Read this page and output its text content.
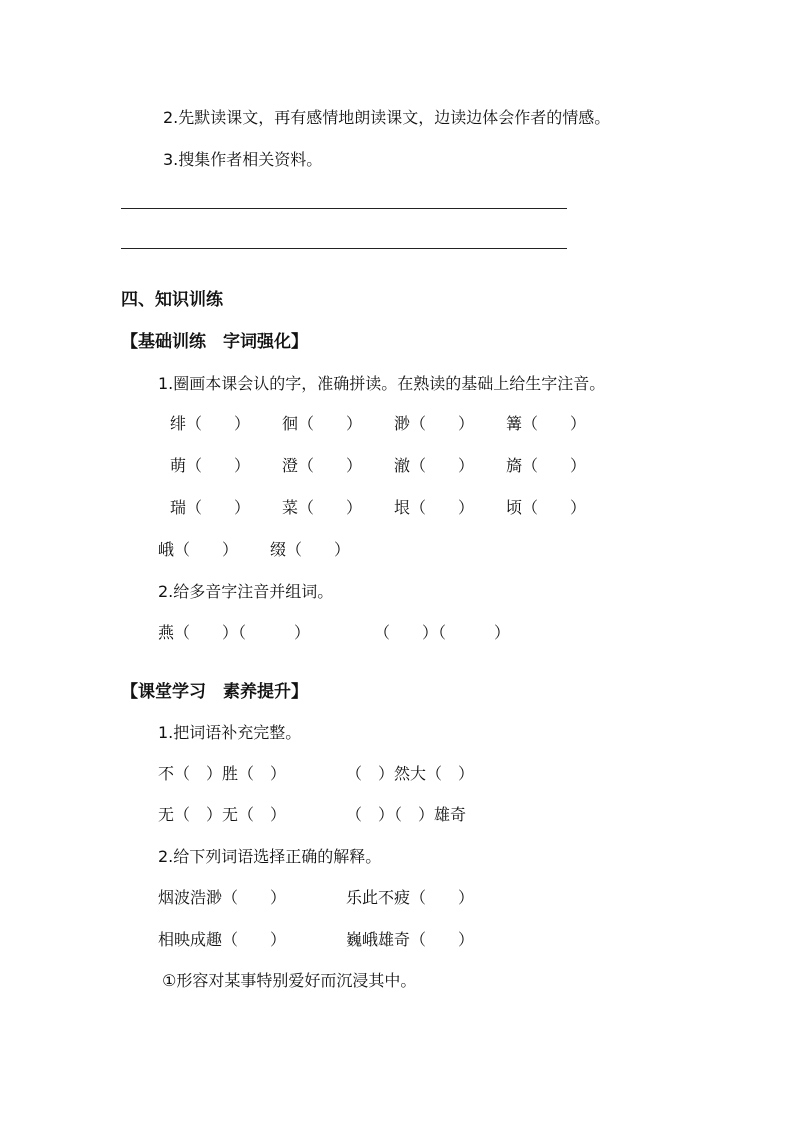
2.先默读课文，再有感情地朗读课文，边读边体会作者的情感。
3.搜集作者相关资料。
四、知识训练
【基础训练　字词强化】
1.圈画本课会认的字，准确拼读。在熟读的基础上给生字注音。
绯（　　） 徊（　　） 渺（　　） 篝（　　）
萌（　　） 澄（　　） 澈（　　） 旖（　　）
瑞（　　） 菜（　　） 垠（　　） 顷（　　）
峨（　　） 缀（　　）
2.给多音字注音并组词。
燕（　　）（　　　）	（　　）（　　　）
【课堂学习　素养提升】
1.把词语补充完整。
不（　）胜（　）	（　）然大（　）
无（　）无（　）	（　）（　）雄奇
2.给下列词语选择正确的解释。
烟波浩渺（　　）	乐此不疲（　　）
相映成趣（　　）	巍峨雄奇（　　）
①形容对某事特别爱好而沉浸其中。
